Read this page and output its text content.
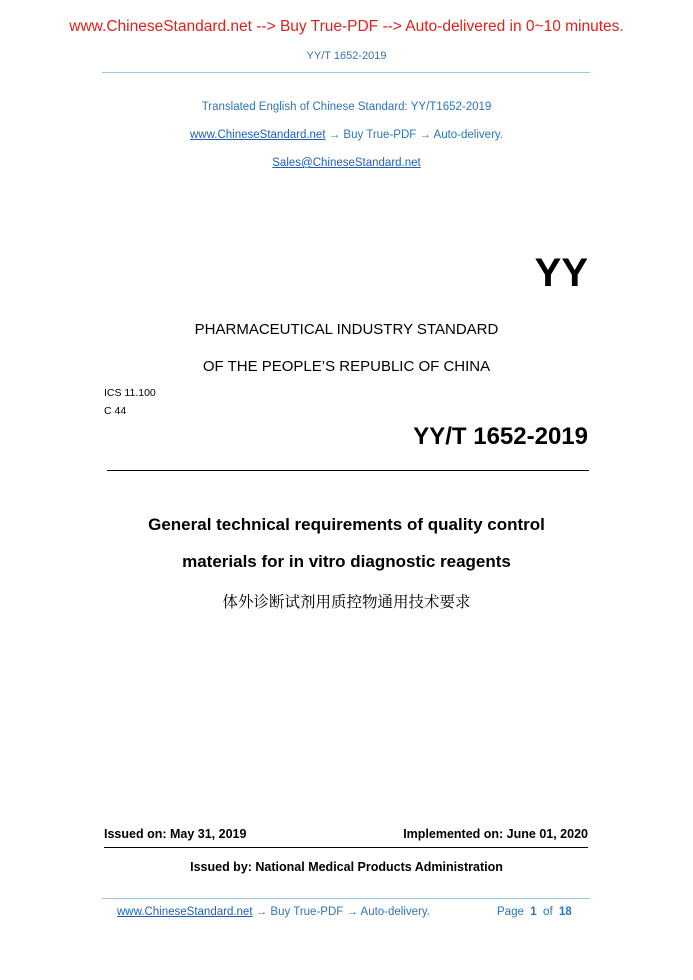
www.ChineseStandard.net --> Buy True-PDF --> Auto-delivered in 0~10 minutes.
YY/T 1652-2019
Translated English of Chinese Standard: YY/T1652-2019
www.ChineseStandard.net → Buy True-PDF → Auto-delivery.
Sales@ChineseStandard.net
YY
PHARMACEUTICAL INDUSTRY STANDARD
OF THE PEOPLE’S REPUBLIC OF CHINA
ICS 11.100
C 44
YY/T 1652-2019
General technical requirements of quality control
materials for in vitro diagnostic reagents
体外诊断试剂用质控物通用技术要求
Issued on: May 31, 2019	Implemented on: June 01, 2020
Issued by: National Medical Products Administration
www.ChineseStandard.net → Buy True-PDF → Auto-delivery.	Page 1 of 18
